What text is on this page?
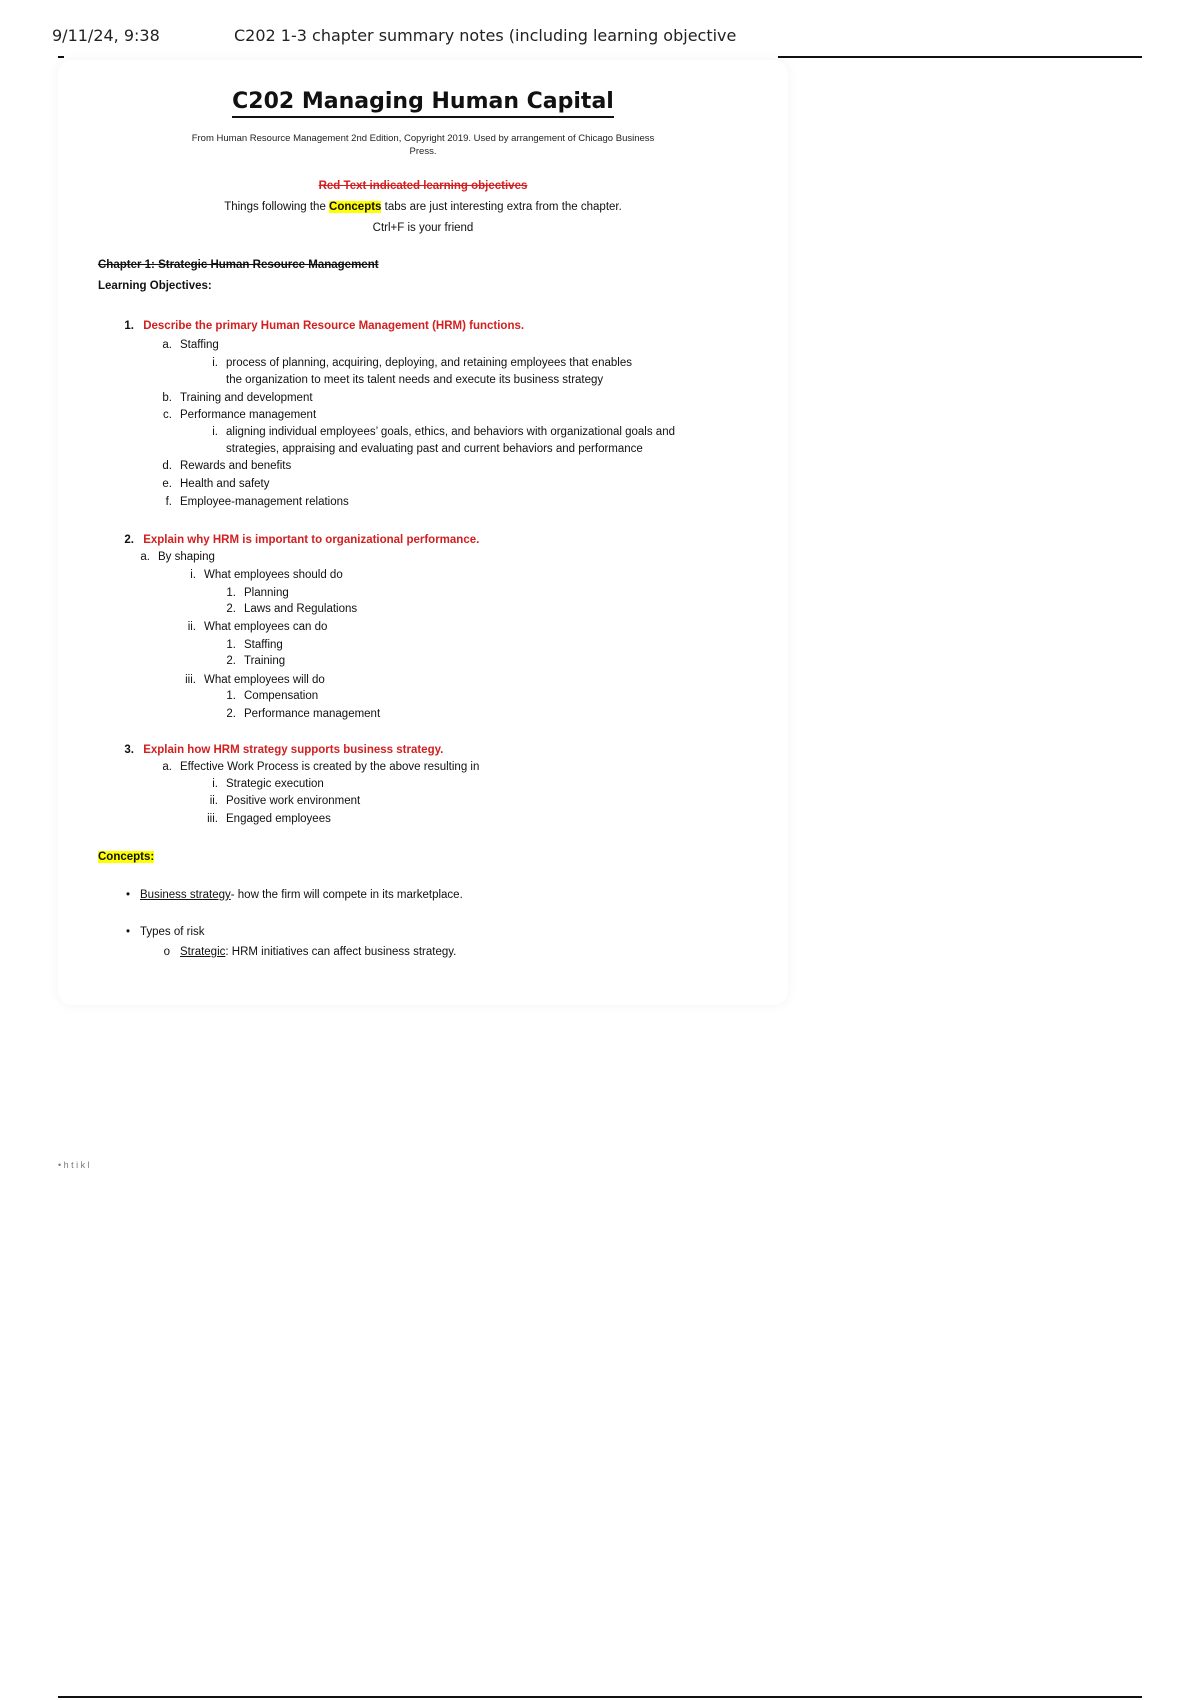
9/11/24, 9:38	C202 1-3 chapter summary notes (including learning objective
C202 Managing Human Capital
From Human Resource Management 2nd Edition, Copyright 2019. Used by arrangement of Chicago Business
Press.
Red Text indicated learning objectives
Things following the Concepts tabs are just interesting extra from the chapter.
Ctrl+F is your friend
Chapter 1: Strategic Human Resource Management
Learning Objectives:
1. Describe the primary Human Resource Management (HRM) functions.
a. Staffing
i. process of planning, acquiring, deploying, and retaining employees that enables
the organization to meet its talent needs and execute its business strategy
b. Training and development
c. Performance management
i. aligning individual employees’ goals, ethics, and behaviors with organizational goals and
strategies, appraising and evaluating past and current behaviors and performance
d. Rewards and benefits
e. Health and safety
f. Employee-management relations
2. Explain why HRM is important to organizational performance.
a. By shaping
i. What employees should do
1. Planning
2. Laws and Regulations
ii. What employees can do
1. Staffing
2. Training
iii. What employees will do
1. Compensation
2. Performance management
3. Explain how HRM strategy supports business strategy.
a. Effective Work Process is created by the above resulting in
i. Strategic execution
ii. Positive work environment
iii. Engaged employees
Concepts:
• Business strategy- how the firm will compete in its marketplace.
• Types of risk
o Strategic: HRM initiatives can affect business strategy.
• h t i k l
